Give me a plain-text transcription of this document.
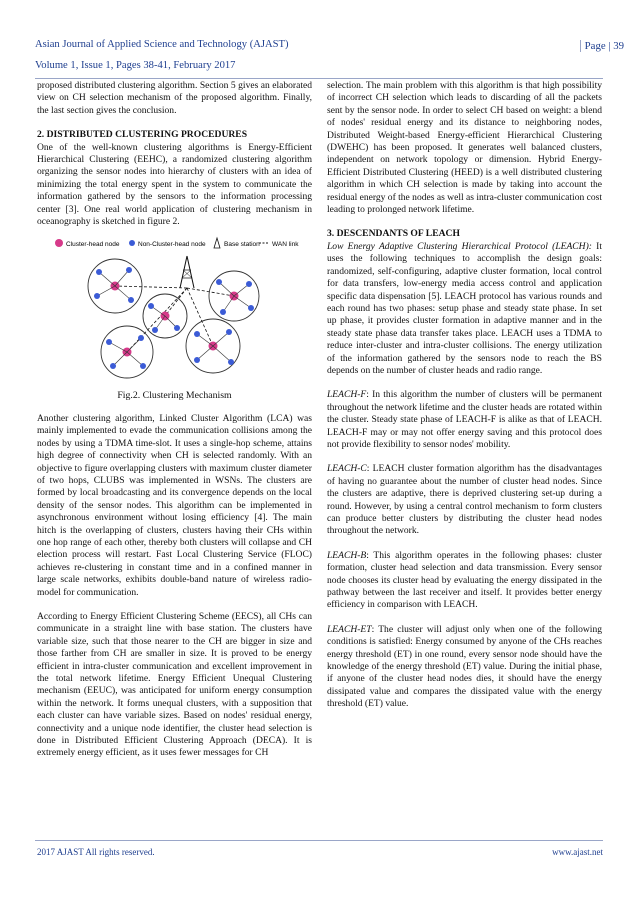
Asian Journal of Applied Science and Technology (AJAST)
Volume 1, Issue 1, Pages 38-41, February 2017
Page | 39

proposed distributed clustering algorithm. Section 5 gives an elaborated view on CH selection mechanism of the proposed algorithm. Finally, the last section gives the conclusion.

2. DISTRIBUTED CLUSTERING PROCEDURES

One of the well-known clustering algorithms is Energy-Efficient Hierarchical Clustering (EEHC), a randomized clustering algorithm organizing the sensor nodes into hierarchy of clusters with an idea of minimizing the total energy spent in the system to communicate the information gathered by the sensors to the information processing center [3]. One real world application of clustering mechanism in oceanography is sketched in figure 2.

Cluster-head node	Non-Cluster-head node	Base station WAN link
Fig.2. Clustering Mechanism

Another clustering algorithm, Linked Cluster Algorithm (LCA) was mainly implemented to evade the communication collisions among the nodes by using a TDMA time-slot. It uses a single-hop scheme, attains high degree of connectivity when CH is selected randomly. With an objective to figure overlapping clusters with maximum cluster diameter of two hops, CLUBS was implemented in WSNs. The clusters are formed by local broadcasting and its convergence depends on the local density of the sensor nodes. This algorithm can be implemented in asynchronous environment without losing efficiency [4]. The main hitch is the overlapping of clusters, clusters having their CHs within one hop range of each other, thereby both clusters will collapse and CH election process will restart. Fast Local Clustering Service (FLOC) achieves re-clustering in constant time and in a confined manner in large scale networks, exhibits double-band nature of wireless radio-model for communication.

According to Energy Efficient Clustering Scheme (EECS), all CHs can communicate in a straight line with base station. The clusters have variable size, such that those nearer to the CH are bigger in size and those farther from CH are smaller in size. It is proved to be energy efficient in intra-cluster communication and excellent improvement in the total network lifetime. Energy Efficient Unequal Clustering mechanism (EEUC), was anticipated for uniform energy consumption within the network. It forms unequal clusters, with a supposition that each cluster can have variable sizes. Based on nodes' residual energy, connectivity and a unique node identifier, the cluster head selection is done in Distributed Efficient Clustering Approach (DECA). It is extremely energy efficient, as it uses fewer messages for CH

selection. The main problem with this algorithm is that high possibility of incorrect CH selection which leads to discarding of all the packets sent by the sensor node. In order to select CH based on weight: a blend of nodes' residual energy and its distance to neighboring nodes, Distributed Weight-based Energy-efficient Hierarchical Clustering (DWEHC) has been proposed. It generates well balanced clusters, independent on network topology or dimension. Hybrid Energy-Efficient Distributed Clustering (HEED) is a well distributed clustering algorithm in which CH selection is made by taking into account the residual energy of the nodes as well as intra-cluster communication cost leading to prolonged network lifetime.

3. DESCENDANTS OF LEACH

Low Energy Adaptive Clustering Hierarchical Protocol (LEACH): It uses the following techniques to accomplish the design goals: randomized, self-configuring, adaptive cluster formation, local control for data transfers, low-energy media access control and application specific data dispensation [5]. LEACH protocol has various rounds and each round has two phases: setup phase and steady state phase. In set up phase, it provides cluster formation in adaptive manner and in the steady state phase data transfer takes place. LEACH uses a TDMA to reduce inter-cluster and intra-cluster collisions. The energy utilization of the information gathered by the sensors node to reach the BS depends on the number of cluster heads and radio range.

LEACH-F: In this algorithm the number of clusters will be permanent throughout the network lifetime and the cluster heads are rotated within the cluster. Steady state phase of LEACH-F is alike as that of LEACH. LEACH-F may or may not offer energy saving and this protocol does not provide flexibility to sensor nodes' mobility.

LEACH-C: LEACH cluster formation algorithm has the disadvantages of having no guarantee about the number of cluster head nodes. Since the clusters are adaptive, there is deprived clustering set-up during a round. However, by using a central control mechanism to form clusters can produce better clusters by distributing the cluster head nodes throughout the network.

LEACH-B: This algorithm operates in the following phases: cluster formation, cluster head selection and data transmission. Every sensor node chooses its cluster head by evaluating the energy dissipated in the pathway between the last receiver and itself. It provides better energy efficiency in comparison with LEACH.

LEACH-ET: The cluster will adjust only when one of the following conditions is satisfied: Energy consumed by anyone of the CHs reaches energy threshold (ET) in one round, every sensor node should have the knowledge of the energy threshold (ET) value. During the initial phase, if anyone of the cluster head nodes dies, it should have the energy dissipated value and compares the dissipated value with the energy threshold (ET) value.

2017 AJAST All rights reserved.	www.ajast.net
